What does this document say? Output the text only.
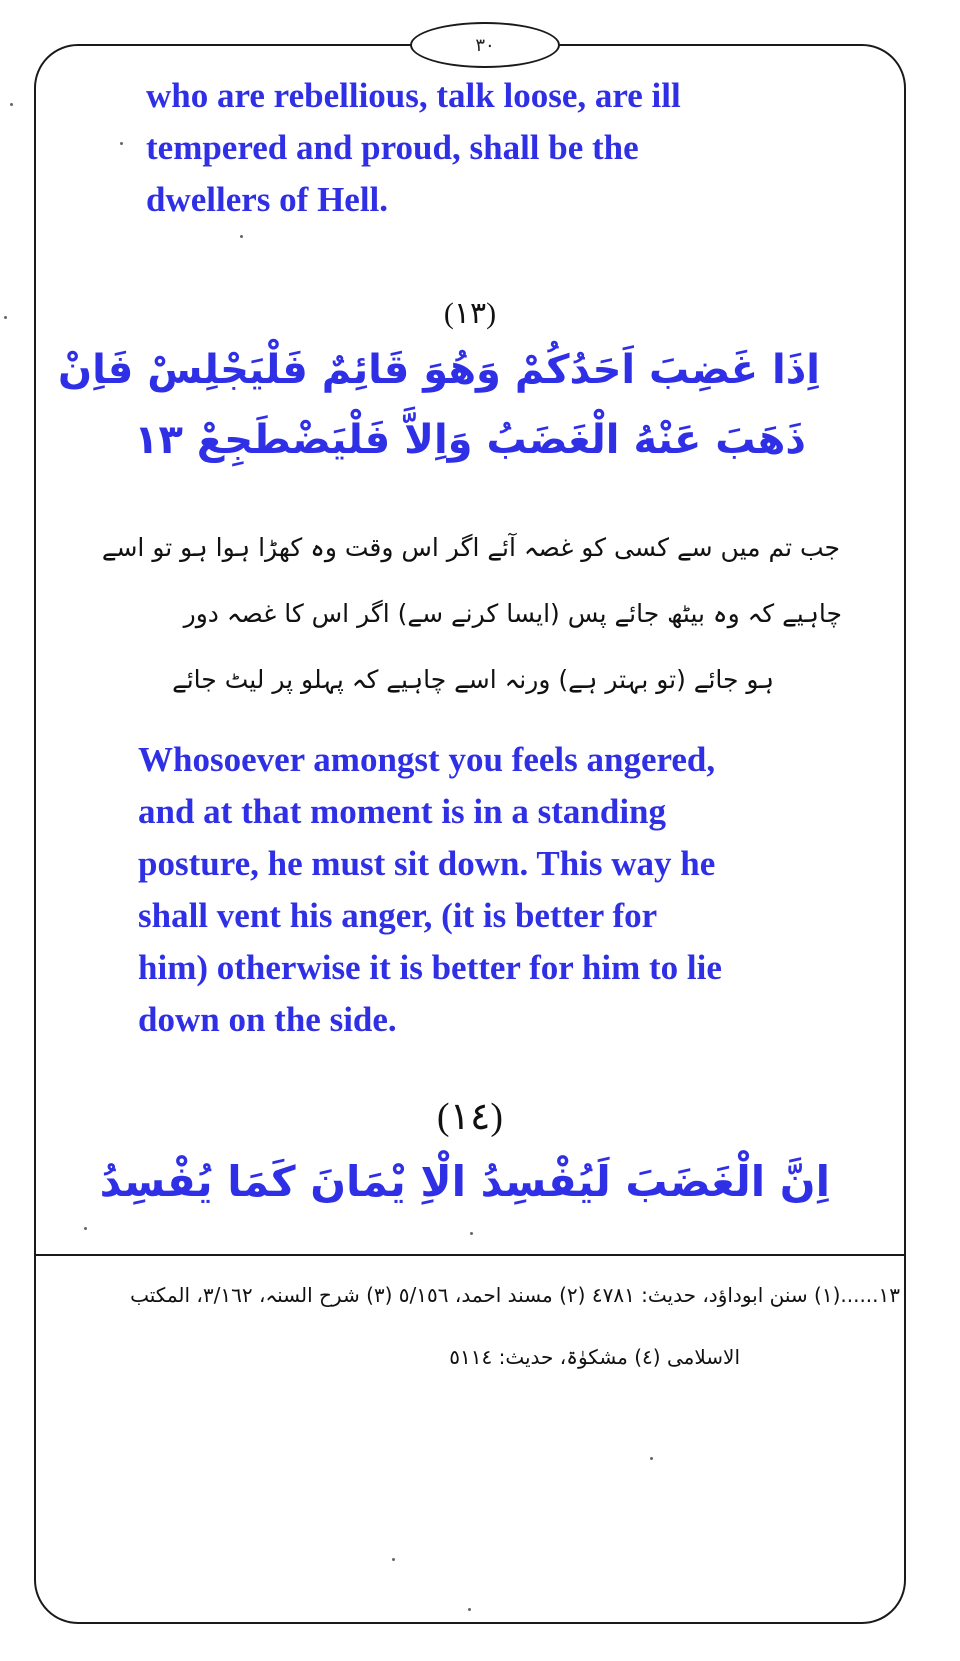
٣٠
who are rebellious, talk loose, are ill
tempered and proud, shall be the
dwellers of Hell.
(١٣)
اِذَا غَضِبَ اَحَدُكُمْ وَهُوَ قَائِمٌ فَلْيَجْلِسْ فَاِنْ
ذَهَبَ عَنْهُ الْغَضَبُ وَاِلاَّ فَلْيَضْطَجِعْ ١٣
جب تم میں سے کسی کو غصہ آئے اگر اس وقت وہ کھڑا ہوا ہو تو اسے
چاہیے کہ وہ بیٹھ جائے پس (ایسا کرنے سے) اگر اس کا غصہ دور
ہو جائے (تو بہتر ہے) ورنہ اسے چاہیے کہ پہلو پر لیٹ جائے
Whosoever amongst you feels angered,
and at that moment is in a standing
posture, he must sit down. This way he
shall vent his anger, (it is better for
him) otherwise it is better for him to lie
down on the side.
(١٤)
اِنَّ الْغَضَبَ لَيُفْسِدُ الْاِ يْمَانَ كَمَا يُفْسِدُ
١٣......(١) سنن ابوداؤد، حدیث: ٤٧٨١ (٢) مسند احمد، ٥/١٥٦ (٣) شرح السنہ، ٣/١٦٢، المکتب
الاسلامی (٤) مشکوٰۃ، حدیث: ٥١١٤
